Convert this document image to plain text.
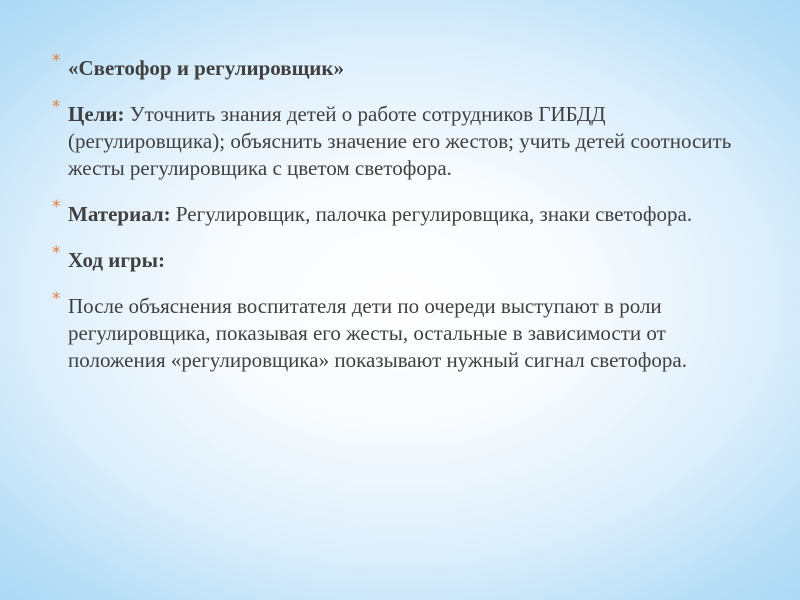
* «Светофор и регулировщик»
* Цели: Уточнить знания детей о работе сотрудников ГИБДД (регулировщика); объяснить значение его жестов; учить детей соотносить жесты регулировщика с цветом светофора.
* Материал: Регулировщик, палочка регулировщика, знаки светофора.
* Ход игры:
* После объяснения воспитателя дети по очереди выступают в роли регулировщика, показывая его жесты, остальные в зависимости от положения «регулировщика» показывают нужный сигнал светофора.
